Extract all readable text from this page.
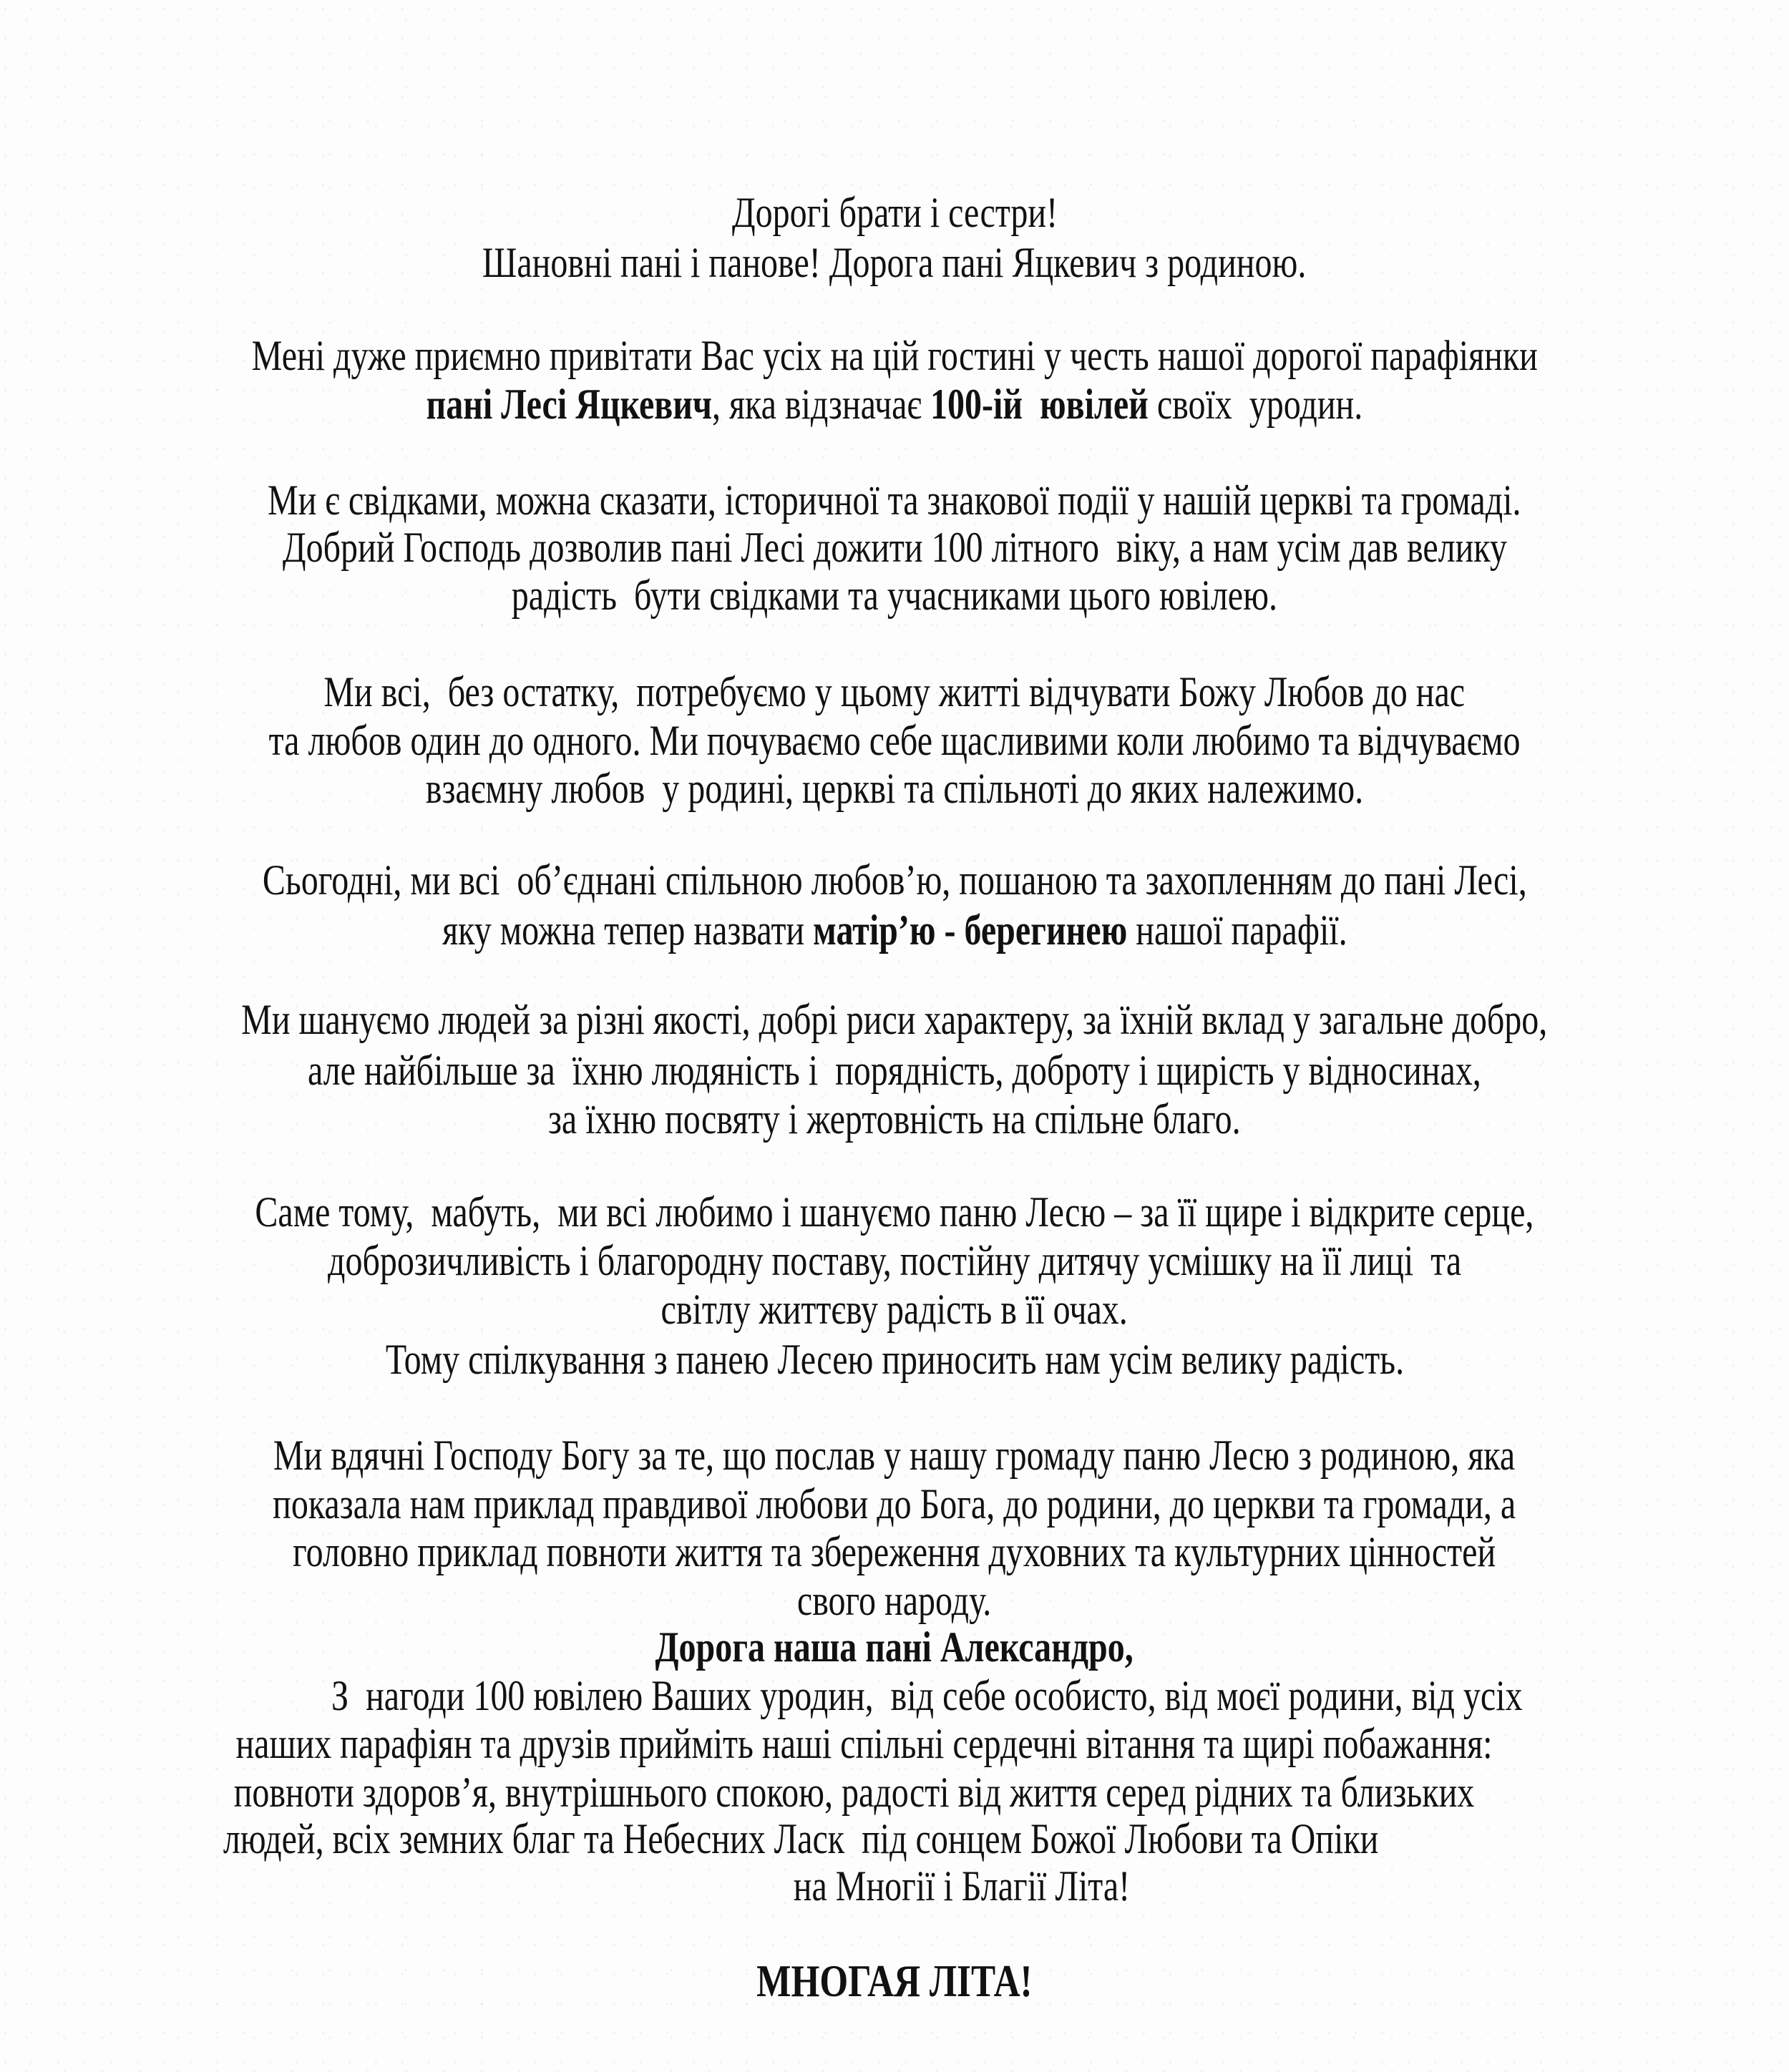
Дорогі брати і сестри!
Шановні пані і панове! Дорога пані Яцкевич з родиною.
Мені дуже приємно привітати Вас усіх на цій гостині у честь нашої дорогої парафіянки
пані Лесі Яцкевич, яка відзначає 100-ій  ювілей своїх  уродин.
Ми є свідками, можна сказати, історичної та знакової події у нашій церкві та громаді.
Добрий Господь дозволив пані Лесі дожити 100 літного  віку, а нам усім дав велику
радість  бути свідками та учасниками цього ювілею.
Ми всі,  без остатку,  потребуємо у цьому житті відчувати Божу Любов до нас
та любов один до одного. Ми почуваємо себе щасливими коли любимо та відчуваємо
взаємну любов  у родині, церкві та спільноті до яких належимо.
Сьогодні, ми всі  об’єднані спільною любов’ю, пошаною та захопленням до пані Лесі,
яку можна тепер назвати матір’ю - берегинею нашої парафії.
Ми шануємо людей за різні якості, добрі риси характеру, за їхній вклад у загальне добро,
але найбільше за  їхню людяність і  порядність, доброту і щирість у відносинах,
за їхню посвяту і жертовність на спільне благо.
Саме тому,  мабуть,  ми всі любимо і шануємо паню Лесю – за її щире і відкрите серце,
доброзичливість і благородну поставу, постійну дитячу усмішку на її лиці  та
світлу життєву радість в її очах.
Тому спілкування з панею Лесею приносить нам усім велику радість.
Ми вдячні Господу Богу за те, що послав у нашу громаду паню Лесю з родиною, яка
показала нам приклад правдивої любови до Бога, до родини, до церкви та громади, а
головно приклад повноти життя та збереження духовних та культурних цінностей
свого народу.
Дорога наша пані Александро,
З  нагоди 100 ювілею Ваших уродин,  від себе особисто, від моєї родини, від усіх
наших парафіян та друзів прийміть наші спільні сердечні вітання та щирі побажання:
повноти здоров’я, внутрішнього спокою, радості від життя серед рідних та близьких
людей, всіх земних благ та Небесних Ласк  під сонцем Божої Любови та Опіки
на Многії і Благії Літа!
МНОГАЯ ЛІТА!
